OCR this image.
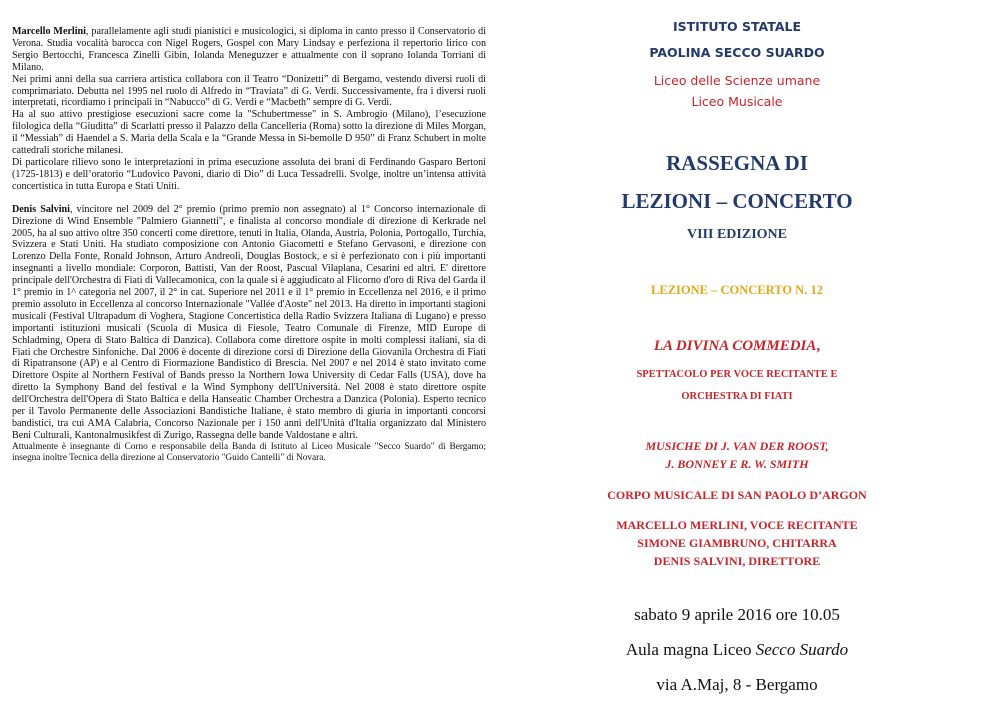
Marcello Merlini, parallelamente agli studi pianistici e musicologici, si diploma in canto presso il Conservatorio di Verona. Studia vocalità barocca con Nigel Rogers, Gospel con Mary Lindsay e perfeziona il repertorio lirico con Sergio Bertocchi, Francesca Zinelli Gibin, Iolanda Meneguzzer e attualmente con il soprano Iolanda Torriani di Milano.

Nei primi anni della sua carriera artistica collabora con il Teatro “Donizetti” di Bergamo, vestendo diversi ruoli di comprimariato. Debutta nel 1995 nel ruolo di Alfredo in “Traviata” di G. Verdi. Successivamente, fra i diversi ruoli interpretati, ricordiamo i principali in “Nabucco” di G. Verdi e “Macbeth” sempre di G. Verdi.

Ha al suo attivo prestigiose esecuzioni sacre come la "Schubertmesse" in S. Ambrogio (Milano), l’esecuzione filologica della “Giuditta” di Scarlatti presso il Palazzo della Cancelleria (Roma) sotto la direzione di Miles Morgan, il “Messiah” di Haendel a S. Maria della Scala e la “Grande Messa in Si-bemolle D 950” di Franz Schubert in molte cattedrali storiche milanesi.

Di particolare rilievo sono le interpretazioni in prima esecuzione assoluta dei brani di Ferdinando Gasparo Bertoni (1725-1813) e dell’oratorio “Ludovico Pavoni, diario di Dio” di Luca Tessadrelli. Svolge, inoltre un’intensa attività concertistica in tutta Europa e Stati Uniti.

Denis Salvini, vincitore nel 2009 del 2° premio (primo premio non assegnato) al 1° Concorso internazionale di Direzione di Wind Ensemble "Palmiero Giannetti", e finalista al concorso mondiale di direzione di Kerkrade nel 2005, ha al suo attivo oltre 350 concerti come direttore, tenuti in Italia, Olanda, Austria, Polonia, Portogallo, Turchia, Svizzera e Stati Uniti. Ha studiato composizione con Antonio Giacometti e Stefano Gervasoni, e direzione con Lorenzo Della Fonte, Ronald Johnson, Arturo Andreoli, Douglas Bostock, e si è perfezionato con i più importanti insegnanti a livello mondiale: Corporon, Battisti, Van der Roost, Pascual Vilaplana, Cesarini ed altri. E' direttore principale dell'Orchestra di Fiati di Vallecamonica, con la quale si è aggiudicato al Flicorno d'oro di Riva del Garda il 1° premio in 1^ categoria nel 2007, il 2° in cat. Superiore nel 2011 e il 1° premio in Eccellenza nel 2016, e il primo premio assoluto in Eccellenza al concorso Internazionale "Vallée d'Aoste" nel 2013. Ha diretto in importanti stagioni musicali (Festival Ultrapadum di Voghera, Stagione Concertistica della Radio Svizzera Italiana di Lugano) e presso importanti istituzioni musicali (Scuola di Musica di Fiesole, Teatro Comunale di Firenze, MID Europe di Schladming, Opera di Stato Baltica di Danzica). Collabora come direttore ospite in molti complessi italiani, sia di Fiati che Orchestre Sinfoniche. Dal 2006 è docente di direzione corsi di Direzione della Giovanila Orchestra di Fiati di Ripatransone (AP) e al Centro di Fiormazione Bandistico di Brescia. Nel 2007 e nel 2014 è stato invitato come Direttore Ospite al Northern Festival of Bands presso la Northern Iowa University di Cedar Falls (USA), dove ha diretto la Symphony Band del festival e la Wind Symphony dell'Università. Nel 2008 è stato direttore ospite dell'Orchestra dell'Opera di Stato Baltica e della Hanseatic Chamber Orchestra a Danzica (Polonia). Esperto tecnico per il Tavolo Permanente delle Associazioni Bandistiche Italiane, è stato membro di giuria in importanti concorsi bandistici, tra cui AMA Calabria, Concorso Nazionale per i 150 anni dell'Unità d'Italia organizzato dal Ministero Beni Culturali, Kantonalmusikfest di Zurigo, Rassegna delle bande Valdostane e altri.

Attualmente è insegnante di Corno e responsabile della Banda di Istituto al Liceo Musicale "Secco Suardo" di Bergamo; insegna inoltre Tecnica della direzione al Conservatorio "Guido Cantelli" di Novara.

ISTITUTO STATALE
PAOLINA SECCO SUARDO
Liceo delle Scienze umane
Liceo Musicale
RASSEGNA DI
LEZIONI – CONCERTO
VIII EDIZIONE
LEZIONE – CONCERTO N. 12
LA DIVINA COMMEDIA,
SPETTACOLO PER VOCE RECITANTE E
ORCHESTRA DI FIATI
MUSICHE DI J. VAN DER ROOST,
J. BONNEY E R. W. SMITH
CORPO MUSICALE DI SAN PAOLO D’ARGON
MARCELLO MERLINI, VOCE RECITANTE
SIMONE GIAMBRUNO, CHITARRA
DENIS SALVINI, DIRETTORE
sabato 9 aprile 2016 ore 10.05
Aula magna Liceo Secco Suardo
via A.Maj, 8 - Bergamo
